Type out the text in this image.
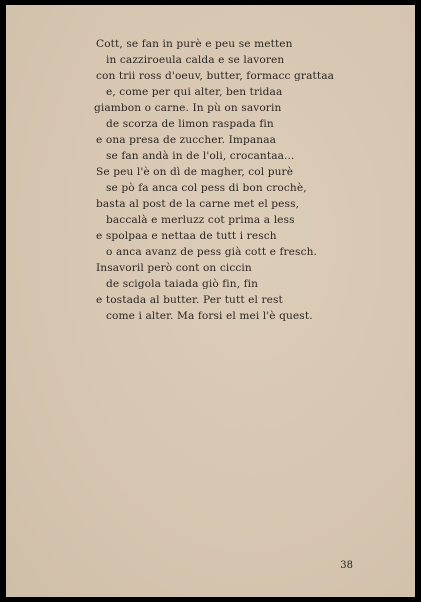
Cott, se fan in purè e peu se metten
in cazziroeula calda e se lavoren
con trii ross d'oeuv, butter, formacc grattaa
e, come per qui alter, ben tridaa
giambon o carne. In pù on savorin
de scorza de limon raspada fin
e ona presa de zuccher. Impanaa
se fan andà in de l'oli, crocantaa...
Se peu l'è on dì de magher, col purè
se pò fa anca col pess di bon crochè,
basta al post de la carne met el pess,
baccalà e merluzz cot prima a less
e spolpaa e nettaa de tutt i resch
o anca avanz de pess già cott e fresch.
Insavoril però cont on ciccin
de scigola taiada giò fin, fin
e tostada al butter. Per tutt el rest
come i alter. Ma forsi el mei l'è quest.
38
